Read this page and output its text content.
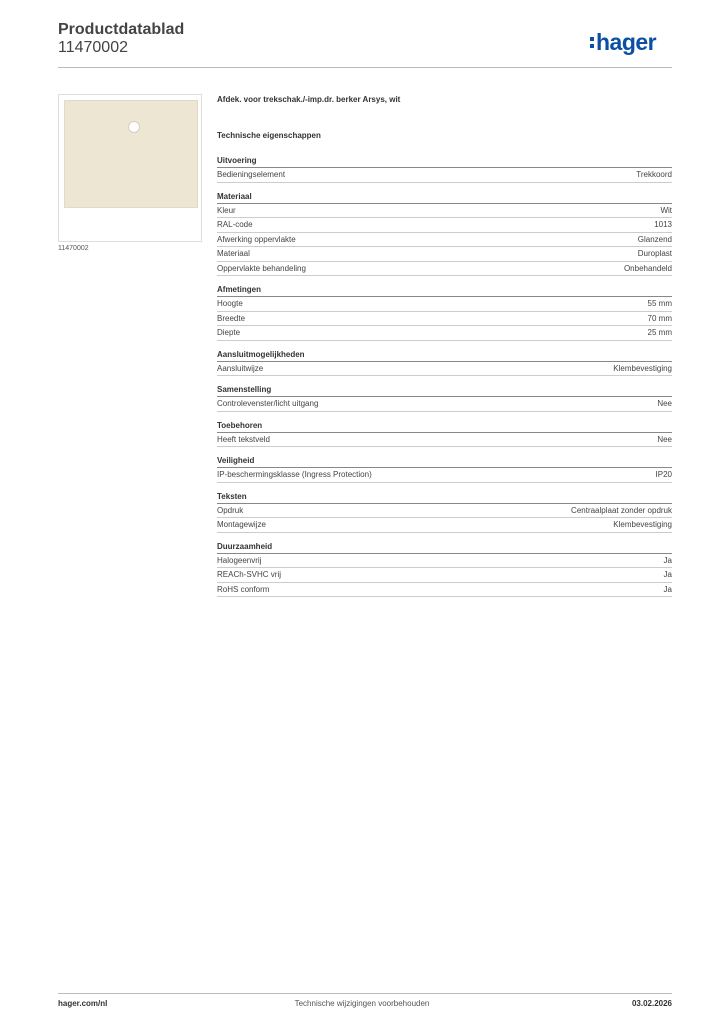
Productdatablad
11470002	hager
11470002
Afdek. voor trekschak./-imp.dr. berker Arsys, wit
Technische eigenschappen
Uitvoering
Bedieningselement	Trekkoord
Materiaal
Kleur	Wit
RAL-code	1013
Afwerking oppervlakte	Glanzend
Materiaal	Duroplast
Oppervlakte behandeling	Onbehandeld
Afmetingen
Hoogte	55 mm
Breedte	70 mm
Diepte	25 mm
Aansluitmogelijkheden
Aansluitwijze	Klembevestiging
Samenstelling
Controlevenster/licht uitgang	Nee
Toebehoren
Heeft tekstveld	Nee
Veiligheid
IP-beschermingsklasse (Ingress Protection)	IP20
Teksten
Opdruk	Centraalplaat zonder opdruk
Montagewijze	Klembevestiging
Duurzaamheid
Halogeenvrij	Ja
REACh-SVHC vrij	Ja
RoHS conform	Ja
hager.com/nl	Technische wijzigingen voorbehouden	03.02.2026
